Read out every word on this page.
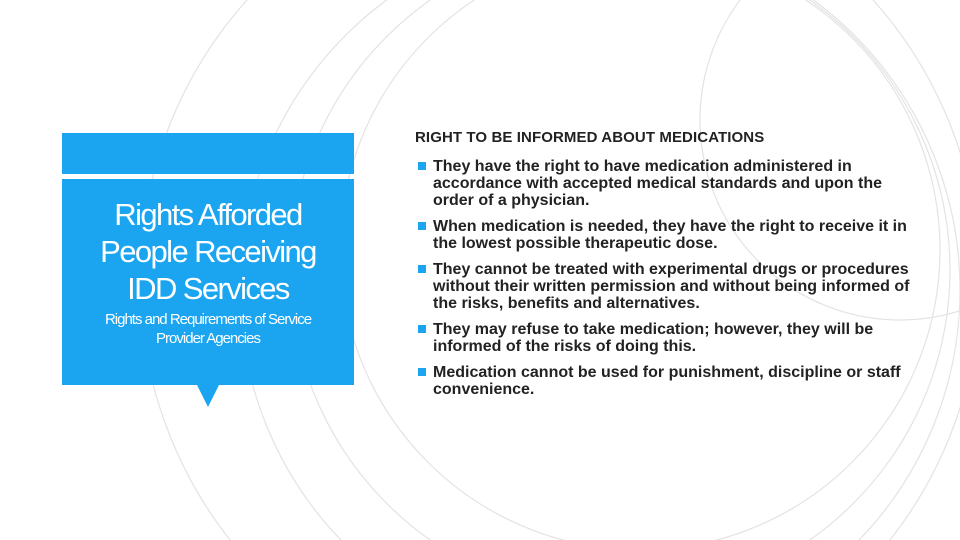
Rights Afforded
People Receiving
IDD Services

Rights and Requirements of Service
Provider Agencies

RIGHT TO BE INFORMED ABOUT MEDICATIONS
They have the right to have medication administered in accordance with accepted medical standards and upon the order of a physician.
When medication is needed, they have the right to receive it in the lowest possible therapeutic dose.
They cannot be treated with experimental drugs or procedures without their written permission and without being informed of the risks, benefits and alternatives.
They may refuse to take medication; however, they will be informed of the risks of doing this.
Medication cannot be used for punishment, discipline or staff convenience.
